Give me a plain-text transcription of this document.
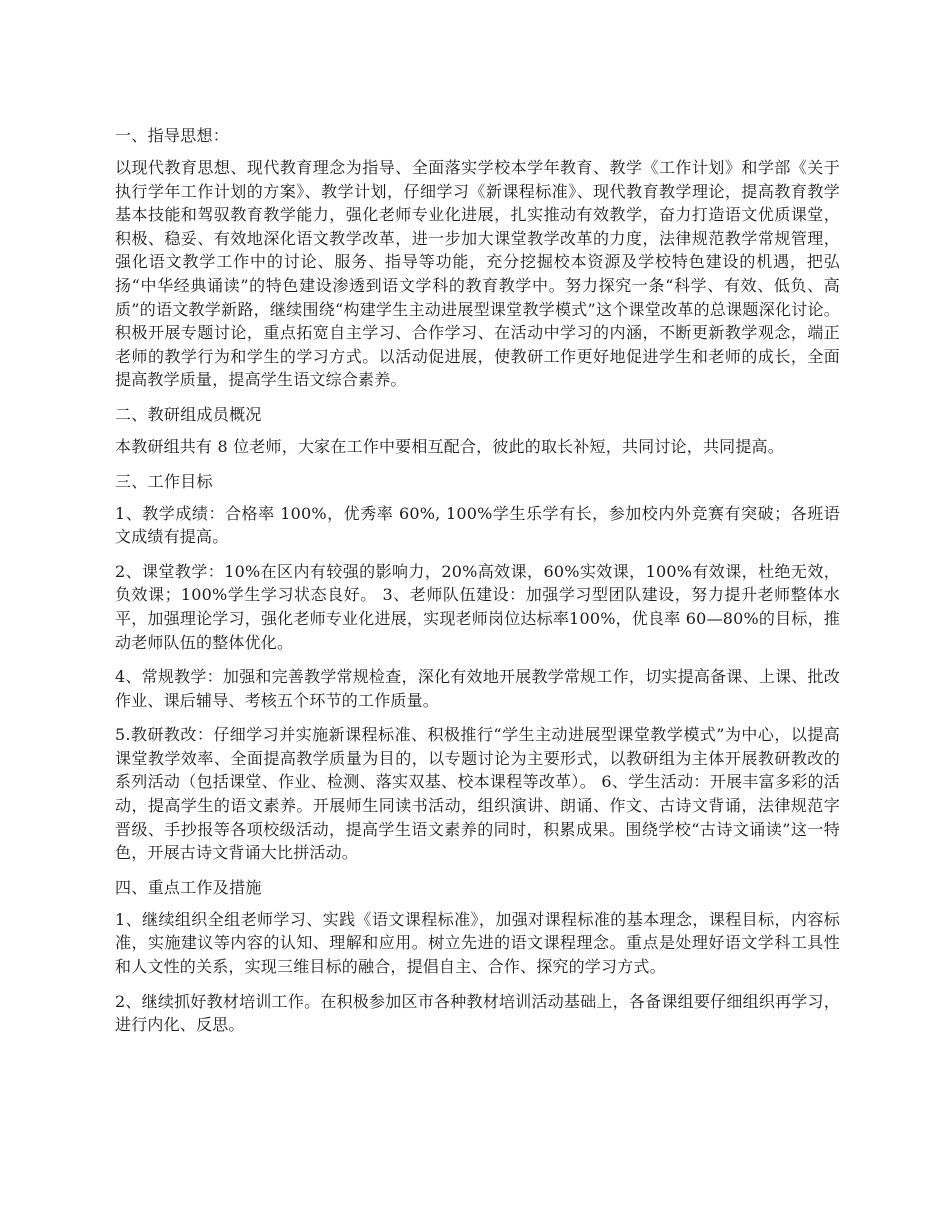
一、指导思想：

以现代教育思想、现代教育理念为指导、全面落实学校本学年教育、教学《工作计划》和学部《关于执行学年工作计划的方案》、教学计划，仔细学习《新课程标准》、现代教育教学理论，提高教育教学基本技能和驾驭教育教学能力，强化老师专业化进展，扎实推动有效教学，奋力打造语文优质课堂，积极、稳妥、有效地深化语文教学改革，进一步加大课堂教学改革的力度，法律规范教学常规管理，强化语文教学工作中的讨论、服务、指导等功能，充分挖掘校本资源及学校特色建设的机遇，把弘扬“中华经典诵读”的特色建设渗透到语文学科的教育教学中。努力探究一条“科学、有效、低负、高质”的语文教学新路，继续围绕“构建学生主动进展型课堂教学模式”这个课堂改革的总课题深化讨论。积极开展专题讨论，重点拓宽自主学习、合作学习、在活动中学习的内涵，不断更新教学观念，端正老师的教学行为和学生的学习方式。以活动促进展，使教研工作更好地促进学生和老师的成长，全面提高教学质量，提高学生语文综合素养。

二、教研组成员概况

本教研组共有 8 位老师，大家在工作中要相互配合，彼此的取长补短，共同讨论，共同提高。

三、工作目标

1、教学成绩：合格率 100%，优秀率 60%, 100%学生乐学有长，参加校内外竞赛有突破；各班语文成绩有提高。

2、课堂教学：10%在区内有较强的影响力，20%高效课，60%实效课，100%有效课，杜绝无效，负效课；100%学生学习状态良好。 3、老师队伍建设：加强学习型团队建设，努力提升老师整体水平，加强理论学习，强化老师专业化进展，实现老师岗位达标率100%，优良率 60—80%的目标，推动老师队伍的整体优化。

4、常规教学：加强和完善教学常规检查，深化有效地开展教学常规工作，切实提高备课、上课、批改作业、课后辅导、考核五个环节的工作质量。

5.教研教改：仔细学习并实施新课程标准、积极推行“学生主动进展型课堂教学模式”为中心，以提高课堂教学效率、全面提高教学质量为目的，以专题讨论为主要形式，以教研组为主体开展教研教改的系列活动（包括课堂、作业、检测、落实双基、校本课程等改革）。 6、学生活动：开展丰富多彩的活动，提高学生的语文素养。开展师生同读书活动，组织演讲、朗诵、作文、古诗文背诵，法律规范字晋级、手抄报等各项校级活动，提高学生语文素养的同时，积累成果。围绕学校“古诗文诵读”这一特色，开展古诗文背诵大比拼活动。

四、重点工作及措施

1、继续组织全组老师学习、实践《语文课程标准》，加强对课程标准的基本理念，课程目标，内容标准，实施建议等内容的认知、理解和应用。树立先进的语文课程理念。重点是处理好语文学科工具性和人文性的关系，实现三维目标的融合，提倡自主、合作、探究的学习方式。

2、继续抓好教材培训工作。在积极参加区市各种教材培训活动基础上，各备课组要仔细组织再学习，进行内化、反思。
